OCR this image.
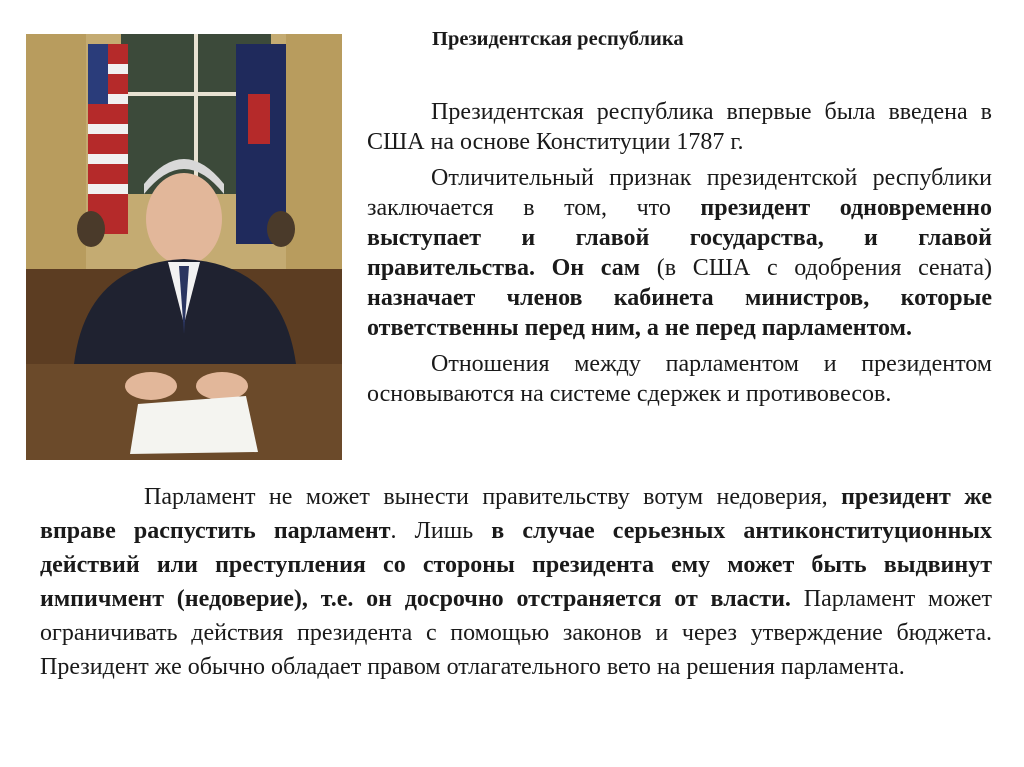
Президентская республика

Президентская республика впервые была введена в США на основе Конституции 1787 г.

Отличительный признак президентской республики заключается в том, что президент одновременно выступает и главой государства, и главой правительства. Он сам (в США с одобрения сената) назначает членов кабинета министров, которые ответственны перед ним, а не перед парламентом.

Отношения между парламентом и президентом основываются на системе сдержек и противовесов.

Парламент не может вынести правительству вотум недоверия, президент же вправе распустить парламент. Лишь в случае серьезных антиконституционных действий или преступления со стороны президента ему может быть выдвинут импичмент (недоверие), т.е. он досрочно отстраняется от власти. Парламент может ограничивать действия президента с помощью законов и через утверждение бюджета. Президент же обычно обладает правом отлагательного вето на решения парламента.
